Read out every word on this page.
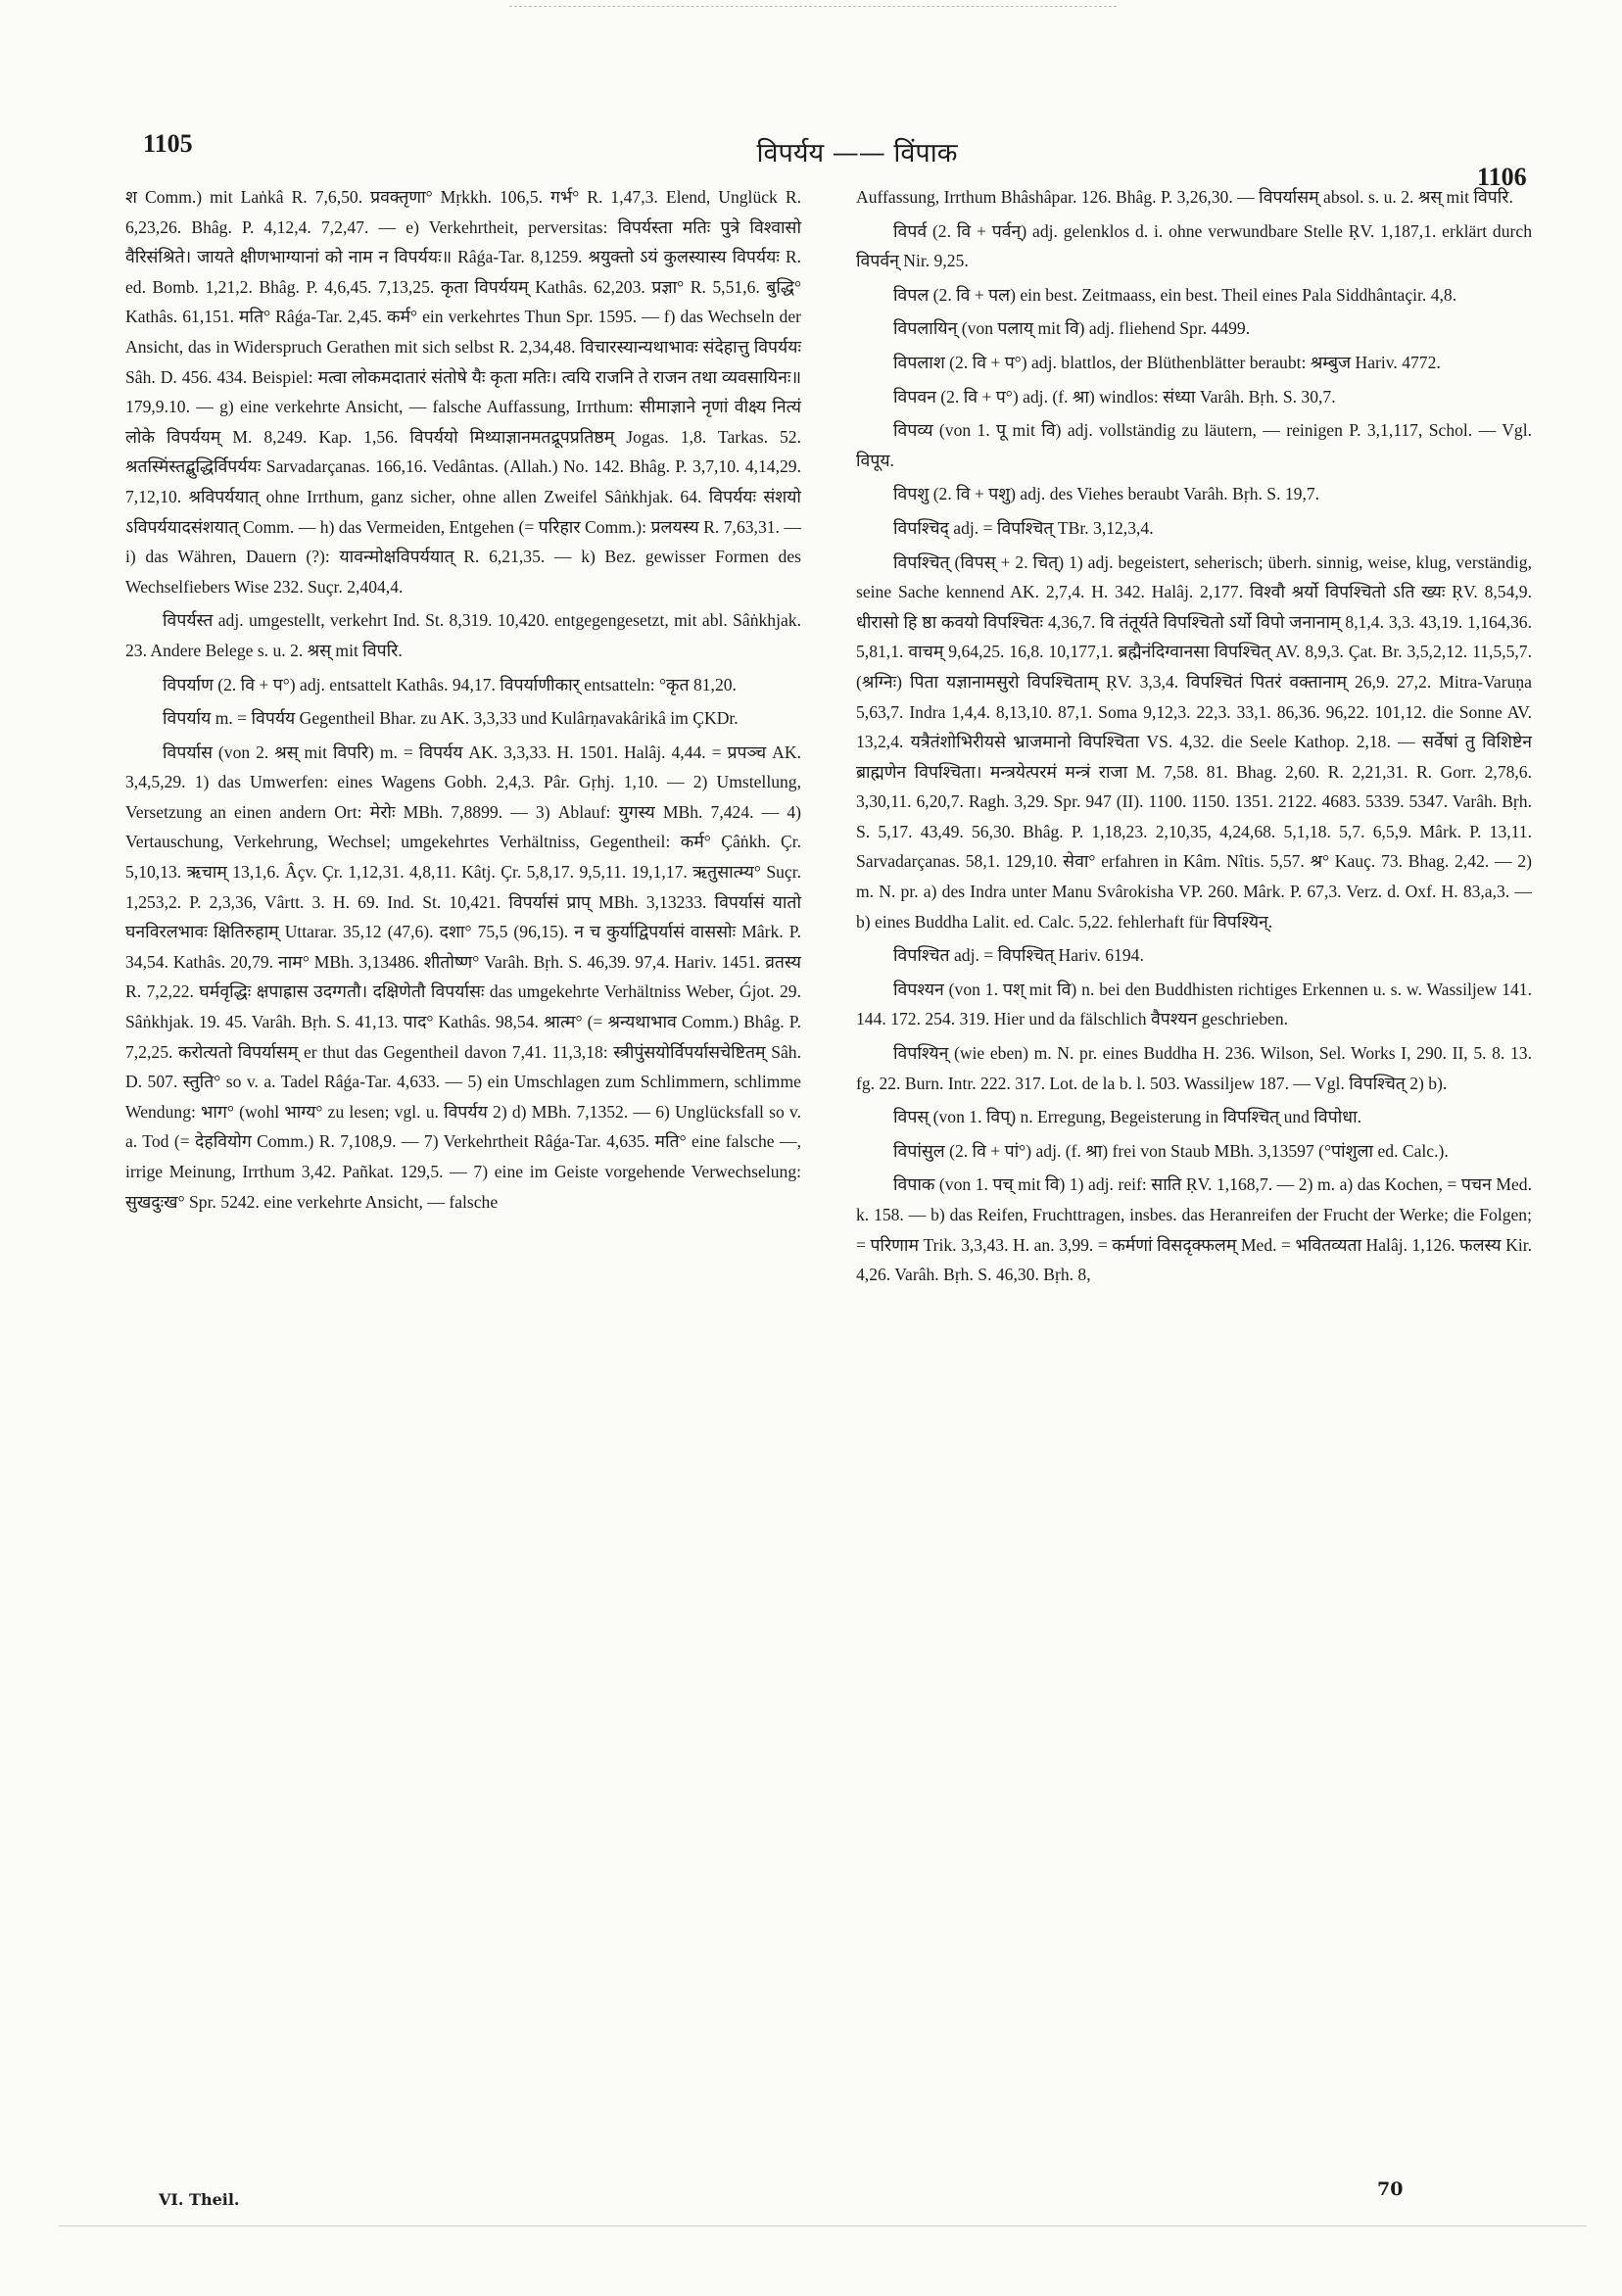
1105	विपर्यय —— विंपाक
1106

श Comm.) mit Laṅkâ R. 7,6,50. प्रवक्तृणा° Mṛkkh. 106,5. गर्भ° R. 1,47,3. Elend, Unglück R. 6,23,26. Bhâg. P. 4,12,4. 7,2,47. — e) Verkehrtheit, perversitas: विपर्यस्ता मतिः पुत्रे विश्वासो वैरिसंश्रिते। जायते क्षीणभाग्यानां को नाम न विपर्ययः॥ Râǵa-Tar. 8,1259. श्रयुक्तो ऽयं कुलस्यास्य विपर्ययः R. ed. Bomb. 1,21,2. Bhâg. P. 4,6,45. 7,13,25. कृता विपर्ययम् Kathâs. 62,203. प्रज्ञा° R. 5,51,6. बुद्धि° Kathâs. 61,151. मति° Râǵa-Tar. 2,45. कर्म° ein verkehrtes Thun Spr. 1595. — f) das Wechseln der Ansicht, das in Widerspruch Gerathen mit sich selbst R. 2,34,48. विचारस्यान्यथाभावः संदेहात्तु विपर्ययः Sâh. D. 456. 434. Beispiel: मत्वा लोकमदातारं संतोषे यैः कृता मतिः। त्वयि राजनि ते राजन तथा व्यवसायिनः॥ 179,9.10. — g) eine verkehrte Ansicht, — falsche Auffassung, Irrthum: सीमाज्ञाने नृणां वीक्ष्य नित्यं लोके विपर्ययम् M. 8,249. Kap. 1,56. विपर्ययो मिथ्याज्ञानमतद्रूपप्रतिष्ठम् Jogas. 1,8. Tarkas. 52. श्रतस्मिंस्तद्बुद्धिर्विपर्ययः Sarvadarçanas. 166,16. Vedântas. (Allah.) No. 142. Bhâg. P. 3,7,10. 4,14,29. 7,12,10. श्रविपर्ययात् ohne Irrthum, ganz sicher, ohne allen Zweifel Sâṅkhjak. 64. विपर्ययः संशयो ऽविपर्ययादसंशयात् Comm. — h) das Vermeiden, Entgehen (= परिहार Comm.): प्रलयस्य R. 7,63,31. — i) das Währen, Dauern (?): यावन्मोक्षविपर्ययात् R. 6,21,35. — k) Bez. gewisser Formen des Wechselfiebers Wise 232. Suçr. 2,404,4.

विपर्यस्त adj. umgestellt, verkehrt Ind. St. 8,319. 10,420. entgegengesetzt, mit abl. Sâṅkhjak. 23. Andere Belege s. u. 2. श्रस् mit विपरि.

विपर्याण (2. वि + प°) adj. entsattelt Kathâs. 94,17. विपर्याणीकार् entsatteln: °कृत 81,20.

विपर्याय m. = विपर्यय Gegentheil Bhar. zu AK. 3,3,33 und Kulârṇavakârikâ im ÇKDr.

विपर्यास (von 2. श्रस् mit विपरि) m. = विपर्यय AK. 3,3,33. H. 1501. Halâj. 4,44. = प्रपञ्च AK. 3,4,5,29. 1) das Umwerfen: eines Wagens Gobh. 2,4,3. Pâr. Gṛhj. 1,10. — 2) Umstellung, Versetzung an einen andern Ort: मेरोः MBh. 7,8899. — 3) Ablauf: युगस्य MBh. 7,424. — 4) Vertauschung, Verkehrung, Wechsel; umgekehrtes Verhältniss, Gegentheil: कर्म° Çâṅkh. Çr. 5,10,13. ऋचाम् 13,1,6. Âçv. Çr. 1,12,31. 4,8,11. Kâtj. Çr. 5,8,17. 9,5,11. 19,1,17. ऋतुसात्म्य° Suçr. 1,253,2. P. 2,3,36, Vârtt. 3. H. 69. Ind. St. 10,421. विपर्यासं प्राप् MBh. 3,13233. विपर्यासं यातो घनविरलभावः क्षितिरुहाम् Uttarar. 35,12 (47,6). दशा° 75,5 (96,15). न च कुर्याद्विपर्यासं वाससोः Mârk. P. 34,54. Kathâs. 20,79. नाम° MBh. 3,13486. शीतोष्ण° Varâh. Bṛh. S. 46,39. 97,4. Hariv. 1451. व्रतस्य R. 7,2,22. घर्मवृद्धिः क्षपाह्रास उदग्गतौ। दक्षिणेतौ विपर्यासः das umgekehrte Verhältniss Weber, Ǵjot. 29. Sâṅkhjak. 19. 45. Varâh. Bṛh. S. 41,13. पाद° Kathâs. 98,54. श्रात्म° (= श्रन्यथाभाव Comm.) Bhâg. P. 7,2,25. करोत्यतो विपर्यासम् er thut das Gegentheil davon 7,41. 11,3,18: स्त्रीपुंसयोर्विपर्यासचेष्टितम् Sâh. D. 507. स्तुति° so v. a. Tadel Râǵa-Tar. 4,633. — 5) ein Umschlagen zum Schlimmern, schlimme Wendung: भाग° (wohl भाग्य° zu lesen; vgl. u. विपर्यय 2) d) MBh. 7,1352. — 6) Unglücksfall so v. a. Tod (= देहवियोग Comm.) R. 7,108,9. — 7) Verkehrtheit Râǵa-Tar. 4,635. मति° eine falsche —, irrige Meinung, Irrthum 3,42. Pañkat. 129,5. — 7) eine im Geiste vorgehende Verwechselung: सुखदुःख° Spr. 5242. eine verkehrte Ansicht, — falsche

Auffassung, Irrthum Bhâshâpar. 126. Bhâg. P. 3,26,30. — विपर्यासम् absol. s. u. 2. श्रस् mit विपरि.

विपर्व (2. वि + पर्वन्) adj. gelenklos d. i. ohne verwundbare Stelle ṚV. 1,187,1. erklärt durch विपर्वन् Nir. 9,25.

विपल (2. वि + पल) ein best. Zeitmaass, ein best. Theil eines Pala Siddhântaçir. 4,8.

विपलायिन् (von पलाय् mit वि) adj. fliehend Spr. 4499.

विपलाश (2. वि + प°) adj. blattlos, der Blüthenblätter beraubt: श्रम्बुज Hariv. 4772.

विपवन (2. वि + प°) adj. (f. श्रा) windlos: संध्या Varâh. Bṛh. S. 30,7.

विपव्य (von 1. पू mit वि) adj. vollständig zu läutern, — reinigen P. 3,1,117, Schol. — Vgl. विपूय.

विपशु (2. वि + पशु) adj. des Viehes beraubt Varâh. Bṛh. S. 19,7.

विपश्चिद् adj. = विपश्चित् TBr. 3,12,3,4.

विपश्चित् (विपस् + 2. चित्) 1) adj. begeistert, seherisch; überh. sinnig, weise, klug, verständig, seine Sache kennend AK. 2,7,4. H. 342. Halâj. 2,177. विश्वौ श्रर्यो विपश्चितो ऽति ख्यः ṚV. 8,54,9. धीरासो हि ष्ठा कवयो विपश्चितः 4,36,7. वि तंतूर्यते विपश्चितो ऽर्यो विपो जनानाम् 8,1,4. 3,3. 43,19. 1,164,36. 5,81,1. वाचम् 9,64,25. 16,8. 10,177,1. ब्रह्मैनंदिग्वानसा विपश्चित् AV. 8,9,3. Çat. Br. 3,5,2,12. 11,5,5,7. (श्रग्निः) पिता यज्ञानामसुरो विपश्चिताम् ṚV. 3,3,4. विपश्चितं पितरं वक्तानाम् 26,9. 27,2. Mitra-Varuṇa 5,63,7. Indra 1,4,4. 8,13,10. 87,1. Soma 9,12,3. 22,3. 33,1. 86,36. 96,22. 101,12. die Sonne AV. 13,2,4. यत्रैतंशोभिरीयसे भ्राजमानो विपश्चिता VS. 4,32. die Seele Kathop. 2,18. — सर्वेषां तु विशिष्टेन ब्राह्मणेन विपश्चिता। मन्त्रयेत्परमं मन्त्रं राजा M. 7,58. 81. Bhag. 2,60. R. 2,21,31. R. Gorr. 2,78,6. 3,30,11. 6,20,7. Ragh. 3,29. Spr. 947 (II). 1100. 1150. 1351. 2122. 4683. 5339. 5347. Varâh. Bṛh. S. 5,17. 43,49. 56,30. Bhâg. P. 1,18,23. 2,10,35, 4,24,68. 5,1,18. 5,7. 6,5,9. Mârk. P. 13,11. Sarvadarçanas. 58,1. 129,10. सेवा° erfahren in Kâm. Nîtis. 5,57. श्र° Kauç. 73. Bhag. 2,42. — 2) m. N. pr. a) des Indra unter Manu Svârokisha VP. 260. Mârk. P. 67,3. Verz. d. Oxf. H. 83,a,3. — b) eines Buddha Lalit. ed. Calc. 5,22. fehlerhaft für विपश्यिन्.

विपश्चित adj. = विपश्चित् Hariv. 6194.

विपश्यन (von 1. पश् mit वि) n. bei den Buddhisten richtiges Erkennen u. s. w. Wassiljew 141. 144. 172. 254. 319. Hier und da fälschlich वैपश्यन geschrieben.

विपश्यिन् (wie eben) m. N. pr. eines Buddha H. 236. Wilson, Sel. Works I, 290. II, 5. 8. 13. fg. 22. Burn. Intr. 222. 317. Lot. de la b. l. 503. Wassiljew 187. — Vgl. विपश्चित् 2) b).

विपस् (von 1. विप्) n. Erregung, Begeisterung in विपश्चित् und विपोधा.

विपांसुल (2. वि + पां°) adj. (f. श्रा) frei von Staub MBh. 3,13597 (°पांशुला ed. Calc.).

विपाक (von 1. पच् mit वि) 1) adj. reif: साति ṚV. 1,168,7. — 2) m. a) das Kochen, = पचन Med. k. 158. — b) das Reifen, Fruchttragen, insbes. das Heranreifen der Frucht der Werke; die Folgen; = परिणाम Trik. 3,3,43. H. an. 3,99. = कर्मणां विसदृक्फलम् Med. = भवितव्यता Halâj. 1,126. फलस्य Kir. 4,26. Varâh. Bṛh. S. 46,30. Bṛh. 8,

VI. Theil.	70
